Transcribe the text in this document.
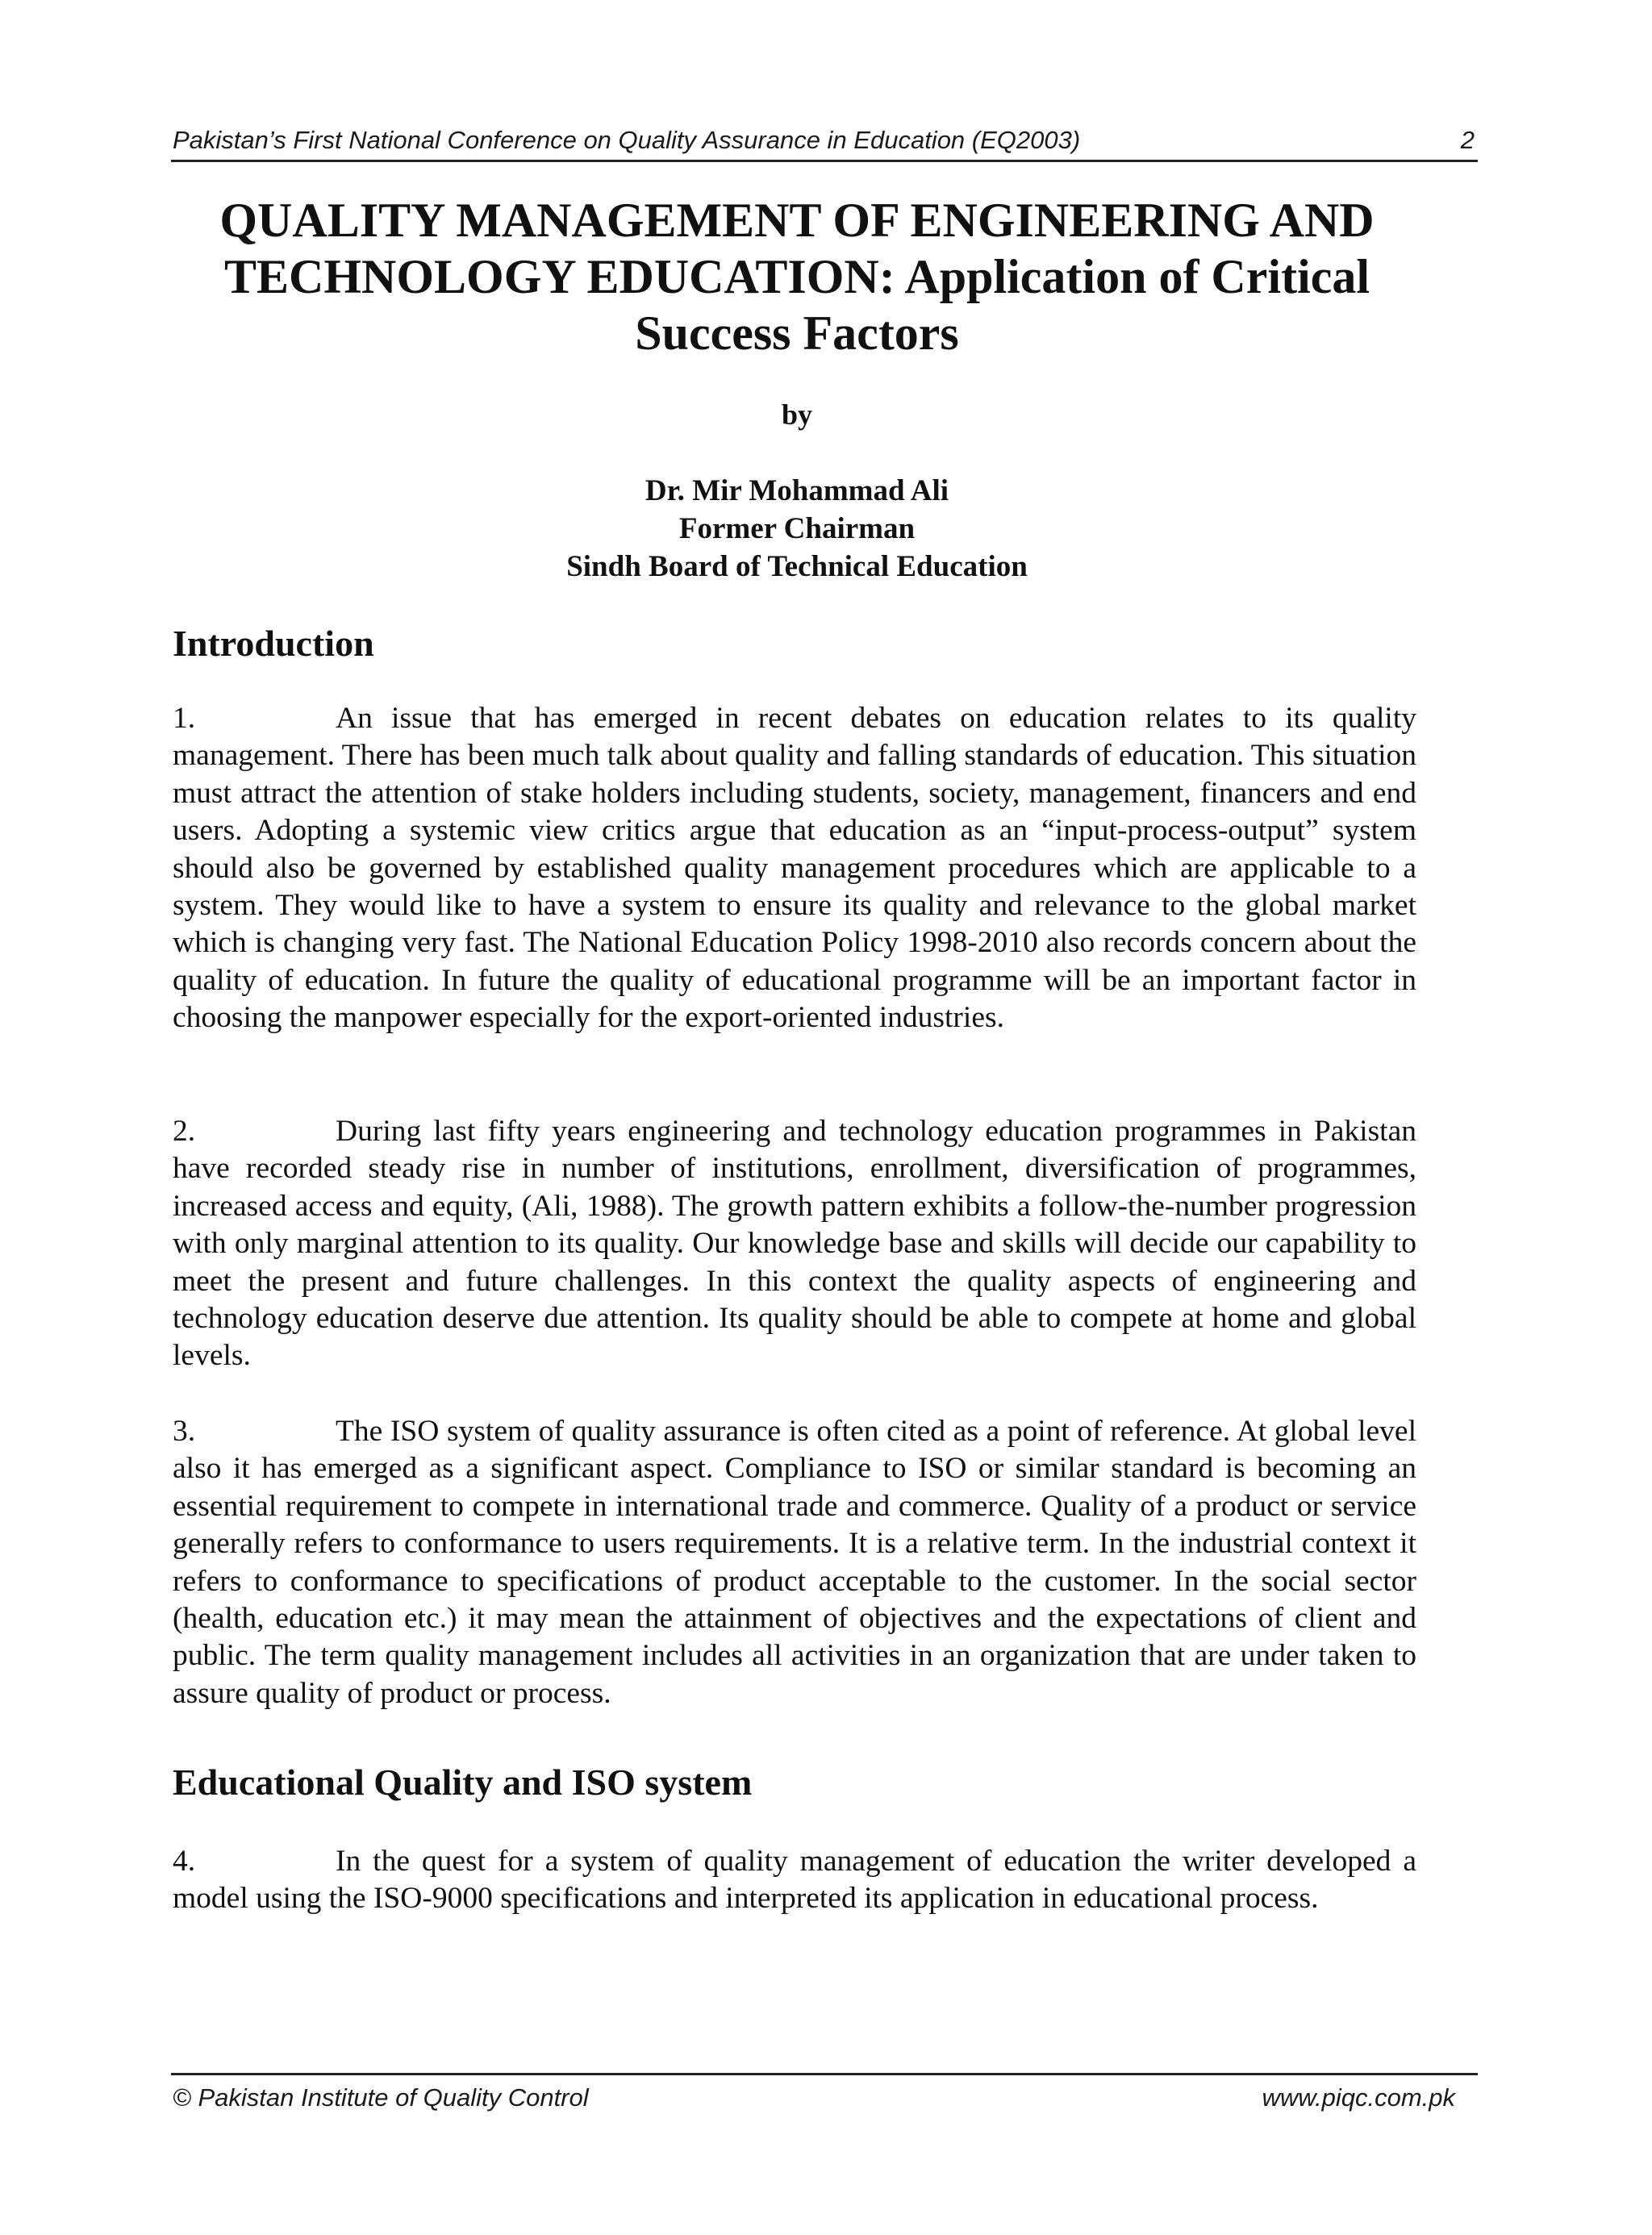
Pakistan’s First National Conference on Quality Assurance in Education (EQ2003)	2
QUALITY MANAGEMENT OF ENGINEERING AND TECHNOLOGY EDUCATION: Application of Critical Success Factors
by
Dr. Mir Mohammad Ali
Former Chairman
Sindh Board of Technical Education
Introduction

1.	An issue that has emerged in recent debates on education relates to its quality management. There has been much talk about quality and falling standards of education. This situation must attract the attention of stake holders including students, society, management, financers and end users. Adopting a systemic view critics argue that education as an “input-process-output” system should also be governed by established quality management procedures which are applicable to a system. They would like to have a system to ensure its quality and relevance to the global market which is changing very fast. The National Education Policy 1998-2010 also records concern about the quality of education. In future the quality of educational programme will be an important factor in choosing the manpower especially for the export-oriented industries.

2.	During last fifty years engineering and technology education programmes in Pakistan have recorded steady rise in number of institutions, enrollment, diversification of programmes, increased access and equity, (Ali, 1988). The growth pattern exhibits a follow-the-number progression with only marginal attention to its quality. Our knowledge base and skills will decide our capability to meet the present and future challenges. In this context the quality aspects of engineering and technology education deserve due attention. Its quality should be able to compete at home and global levels.

3.	The ISO system of quality assurance is often cited as a point of reference. At global level also it has emerged as a significant aspect. Compliance to ISO or similar standard is becoming an essential requirement to compete in international trade and commerce. Quality of a product or service generally refers to conformance to users requirements. It is a relative term. In the industrial context it refers to conformance to specifications of product acceptable to the customer. In the social sector (health, education etc.) it may mean the attainment of objectives and the expectations of client and public. The term quality management includes all activities in an organization that are under taken to assure quality of product or process.

Educational Quality and ISO system

4.	In the quest for a system of quality management of education the writer developed a model using the ISO-9000 specifications and interpreted its application in educational process.

© Pakistan Institute of Quality Control	www.piqc.com.pk
